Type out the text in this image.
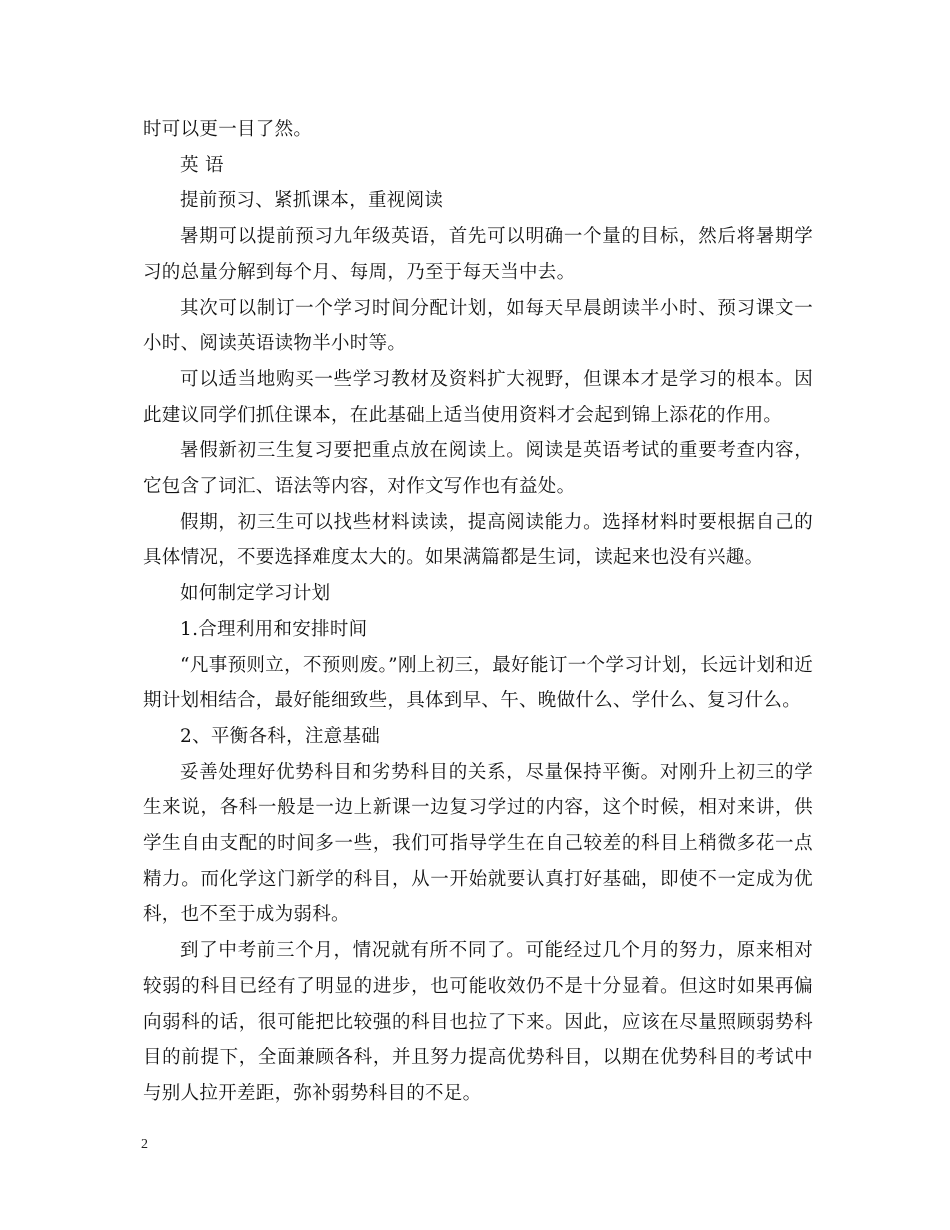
时可以更一目了然。

英 语

提前预习、紧抓课本，重视阅读

暑期可以提前预习九年级英语，首先可以明确一个量的目标，然后将暑期学习的总量分解到每个月、每周，乃至于每天当中去。

其次可以制订一个学习时间分配计划，如每天早晨朗读半小时、预习课文一小时、阅读英语读物半小时等。

可以适当地购买一些学习教材及资料扩大视野，但课本才是学习的根本。因此建议同学们抓住课本，在此基础上适当使用资料才会起到锦上添花的作用。

暑假新初三生复习要把重点放在阅读上。阅读是英语考试的重要考查内容，它包含了词汇、语法等内容，对作文写作也有益处。

假期，初三生可以找些材料读读，提高阅读能力。选择材料时要根据自己的具体情况，不要选择难度太大的。如果满篇都是生词，读起来也没有兴趣。

如何制定学习计划

1.合理利用和安排时间

“凡事预则立，不预则废。”刚上初三，最好能订一个学习计划，长远计划和近期计划相结合，最好能细致些，具体到早、午、晚做什么、学什么、复习什么。

2、平衡各科，注意基础

妥善处理好优势科目和劣势科目的关系，尽量保持平衡。对刚升上初三的学生来说，各科一般是一边上新课一边复习学过的内容，这个时候，相对来讲，供学生自由支配的时间多一些，我们可指导学生在自己较差的科目上稍微多花一点精力。而化学这门新学的科目，从一开始就要认真打好基础，即使不一定成为优科，也不至于成为弱科。

到了中考前三个月，情况就有所不同了。可能经过几个月的努力，原来相对较弱的科目已经有了明显的进步，也可能收效仍不是十分显着。但这时如果再偏向弱科的话，很可能把比较强的科目也拉了下来。因此，应该在尽量照顾弱势科目的前提下，全面兼顾各科，并且努力提高优势科目，以期在优势科目的考试中与别人拉开差距，弥补弱势科目的不足。

2
